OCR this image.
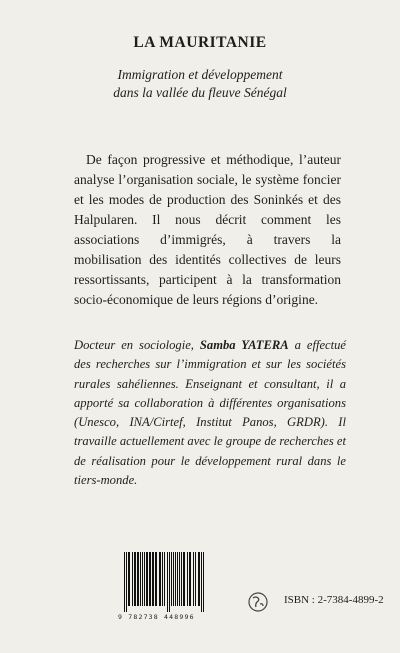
LA MAURITANIE
Immigration et développement
dans la vallée du fleuve Sénégal

De façon progressive et méthodique, l’auteur analyse l’organisation sociale, le système foncier et les modes de production des Soninkés et des Halpularen. Il nous décrit comment les associations d’immigrés, à travers la mobilisation des identités collectives de leurs ressortissants, participent à la transformation socio-économique de leurs régions d’origine.

Docteur en sociologie, Samba YATERA a effectué des recherches sur l’immigration et sur les sociétés rurales sahéliennes. Enseignant et consultant, il a apporté sa collaboration à différentes organisations (Unesco, INA/Cirtef, Institut Panos, GRDR). Il travaille actuellement avec le groupe de recherches et de réalisation pour le développement rural dans le tiers-monde.

9 782738 448996
ISBN : 2-7384-4899-2
